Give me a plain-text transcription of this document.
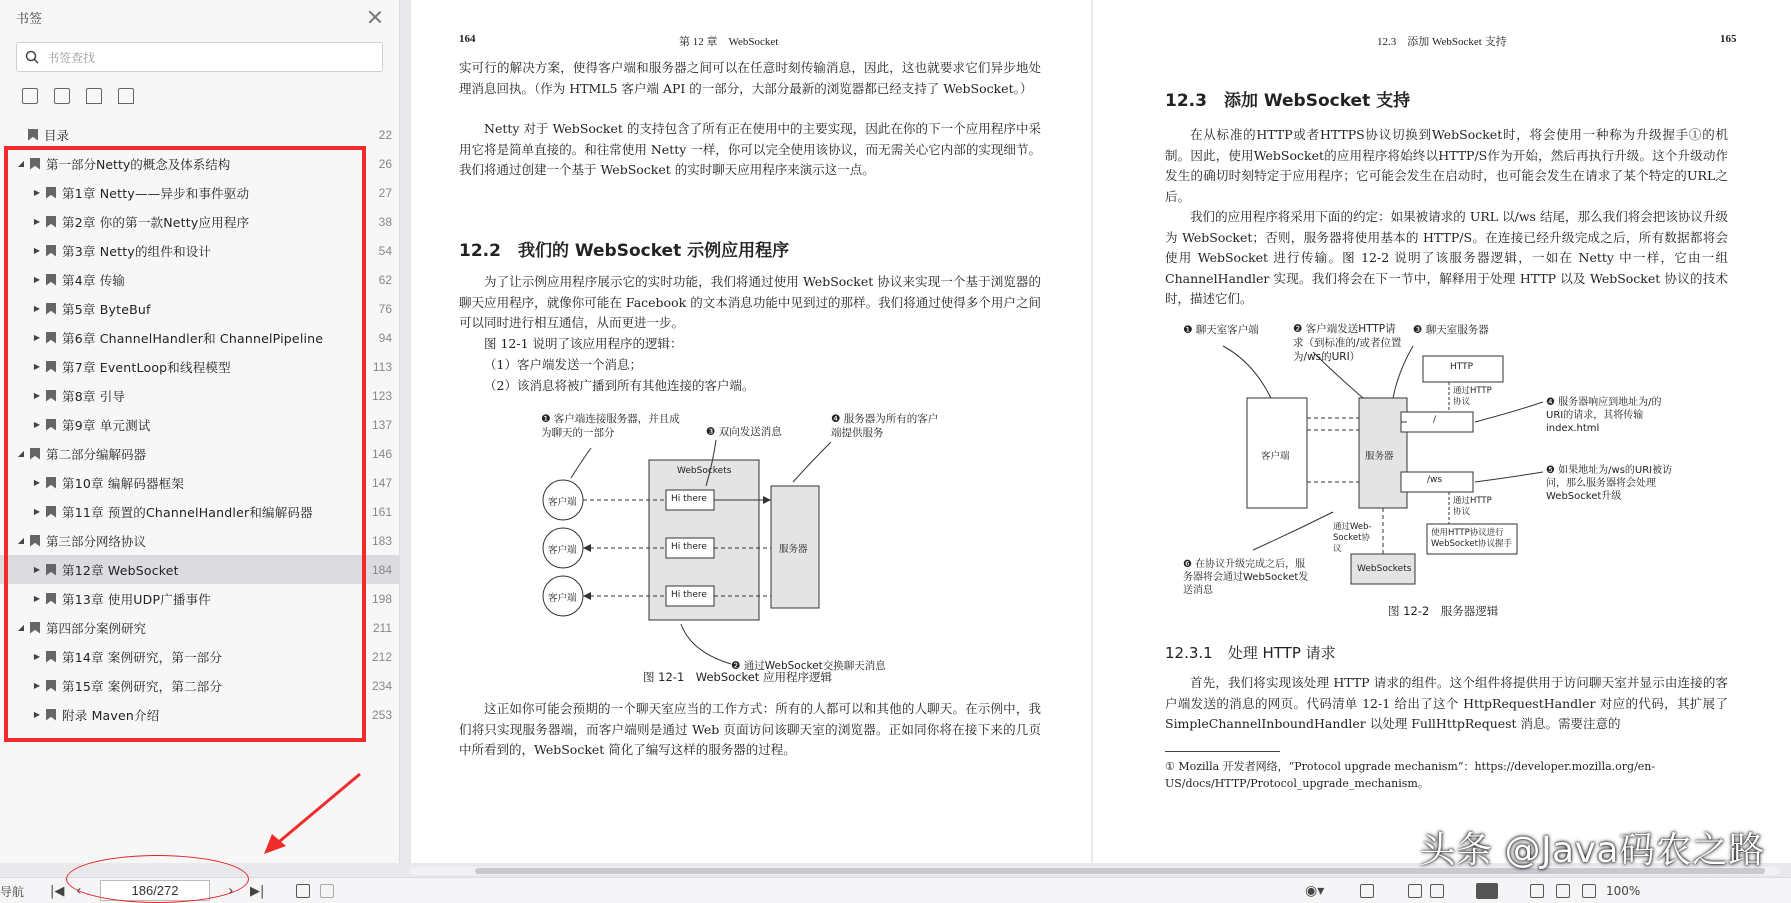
书签
书签查找
目录	22
◢ 第一部分Netty的概念及体系结构	26
▶ 第1章 Netty——异步和事件驱动	27
▶ 第2章 你的第一款Netty应用程序	38
▶ 第3章 Netty的组件和设计	54
▶ 第4章 传输	62
▶ 第5章 ByteBuf	76
▶ 第6章 ChannelHandler和 ChannelPipeline	94
▶ 第7章 EventLoop和线程模型	113
▶ 第8章 引导	123
▶ 第9章 单元测试	137
◢ 第二部分编解码器	146
▶ 第10章 编解码器框架	147
▶ 第11章 预置的ChannelHandler和编解码器	161
◢ 第三部分网络协议	183
▶ 第12章 WebSocket	184
▶ 第13章 使用UDP广播事件	198
◢ 第四部分案例研究	211
▶ 第14章 案例研究，第一部分	212
▶ 第15章 案例研究，第二部分	234
▶ 附录 Maven介绍	253
164	第 12 章　WebSocket
实可行的解决方案，使得客户端和服务器之间可以在任意时刻传输消息，因此，这也就要求它们异步地处理消息回执。（作为 HTML5 客户端 API 的一部分，大部分最新的浏览器都已经支持了 WebSocket。）
Netty 对于 WebSocket 的支持包含了所有正在使用中的主要实现，因此在你的下一个应用程序中采用它将是简单直接的。和往常使用 Netty 一样，你可以完全使用该协议，而无需关心它内部的实现细节。我们将通过创建一个基于 WebSocket 的实时聊天应用程序来演示这一点。
12.2　我们的 WebSocket 示例应用程序
为了让示例应用程序展示它的实时功能，我们将通过使用 WebSocket 协议来实现一个基于浏览器的聊天应用程序，就像你可能在 Facebook 的文本消息功能中见到过的那样。我们将通过使得多个用户之间可以同时进行相互通信，从而更进一步。
图 12-1 说明了该应用程序的逻辑：
（1）客户端发送一个消息；
（2）该消息将被广播到所有其他连接的客户端。
❶ 客户端连接服务器，并且成为聊天的一部分	❸ 双向发送消息
❹ 服务器为所有的客户端提供服务
客户端
客户端
客户端
WebSockets
Hi there
Hi there
Hi there
服务器
❷ 通过WebSocket交换聊天消息
图 12-1　WebSocket 应用程序逻辑
这正如你可能会预期的一个聊天室应当的工作方式：所有的人都可以和其他的人聊天。在示例中，我们将只实现服务器端，而客户端则是通过 Web 页面访问该聊天室的浏览器。正如同你将在接下来的几页中所看到的，WebSocket 简化了编写这样的服务器的过程。
12.3　添加 WebSocket 支持	165
12.3　添加 WebSocket 支持
在从标准的HTTP或者HTTPS协议切换到WebSocket时，将会使用一种称为升级握手①的机制。因此，使用WebSocket的应用程序将始终以HTTP/S作为开始，然后再执行升级。这个升级动作发生的确切时刻特定于应用程序；它可能会发生在启动时，也可能会发生在请求了某个特定的URL之后。
我们的应用程序将采用下面的约定：如果被请求的 URL 以/ws 结尾，那么我们将会把该协议升级为 WebSocket；否则，服务器将使用基本的 HTTP/S。在连接已经升级完成之后，所有数据都将会使用 WebSocket 进行传输。图 12-2 说明了该服务器逻辑，一如在 Netty 中一样，它由一组 ChannelHandler 实现。我们将会在下一节中，解释用于处理 HTTP 以及 WebSocket 协议的技术时，描述它们。
❶ 聊天室客户端	❷ 客户端发送HTTP请求（到标准的/或者位置为/ws的URI）
❸ 聊天室服务器
HTTP
通过HTTP协议	❹ 服务器响应到地址为/的URI的请求，其将传输index.html
/
客户端	服务器
❺ 如果地址为/ws的URI被访问，那么服务器将会处理WebSocket升级
/ws
通过HTTP协议
通过Web-Socket协议
使用HTTP协议进行WebSocket协议握手
❻ 在协议升级完成之后，服务器将会通过WebSocket发送消息
WebSockets
图 12-2　服务器逻辑
12.3.1　处理 HTTP 请求
首先，我们将实现该处理 HTTP 请求的组件。这个组件将提供用于访问聊天室并显示由连接的客户端发送的消息的网页。代码清单 12-1 给出了这个 HttpRequestHandler 对应的代码，其扩展了 SimpleChannelInboundHandler 以处理 FullHttpRequest 消息。需要注意的
① Mozilla 开发者网络，“Protocol upgrade mechanism”：https://developer.mozilla.org/en-US/docs/HTTP/Protocol_upgrade_mechanism。
头条 @Java码农之路
导航 |◀ ‹	186/272	› ▶|	◉▾	100%
